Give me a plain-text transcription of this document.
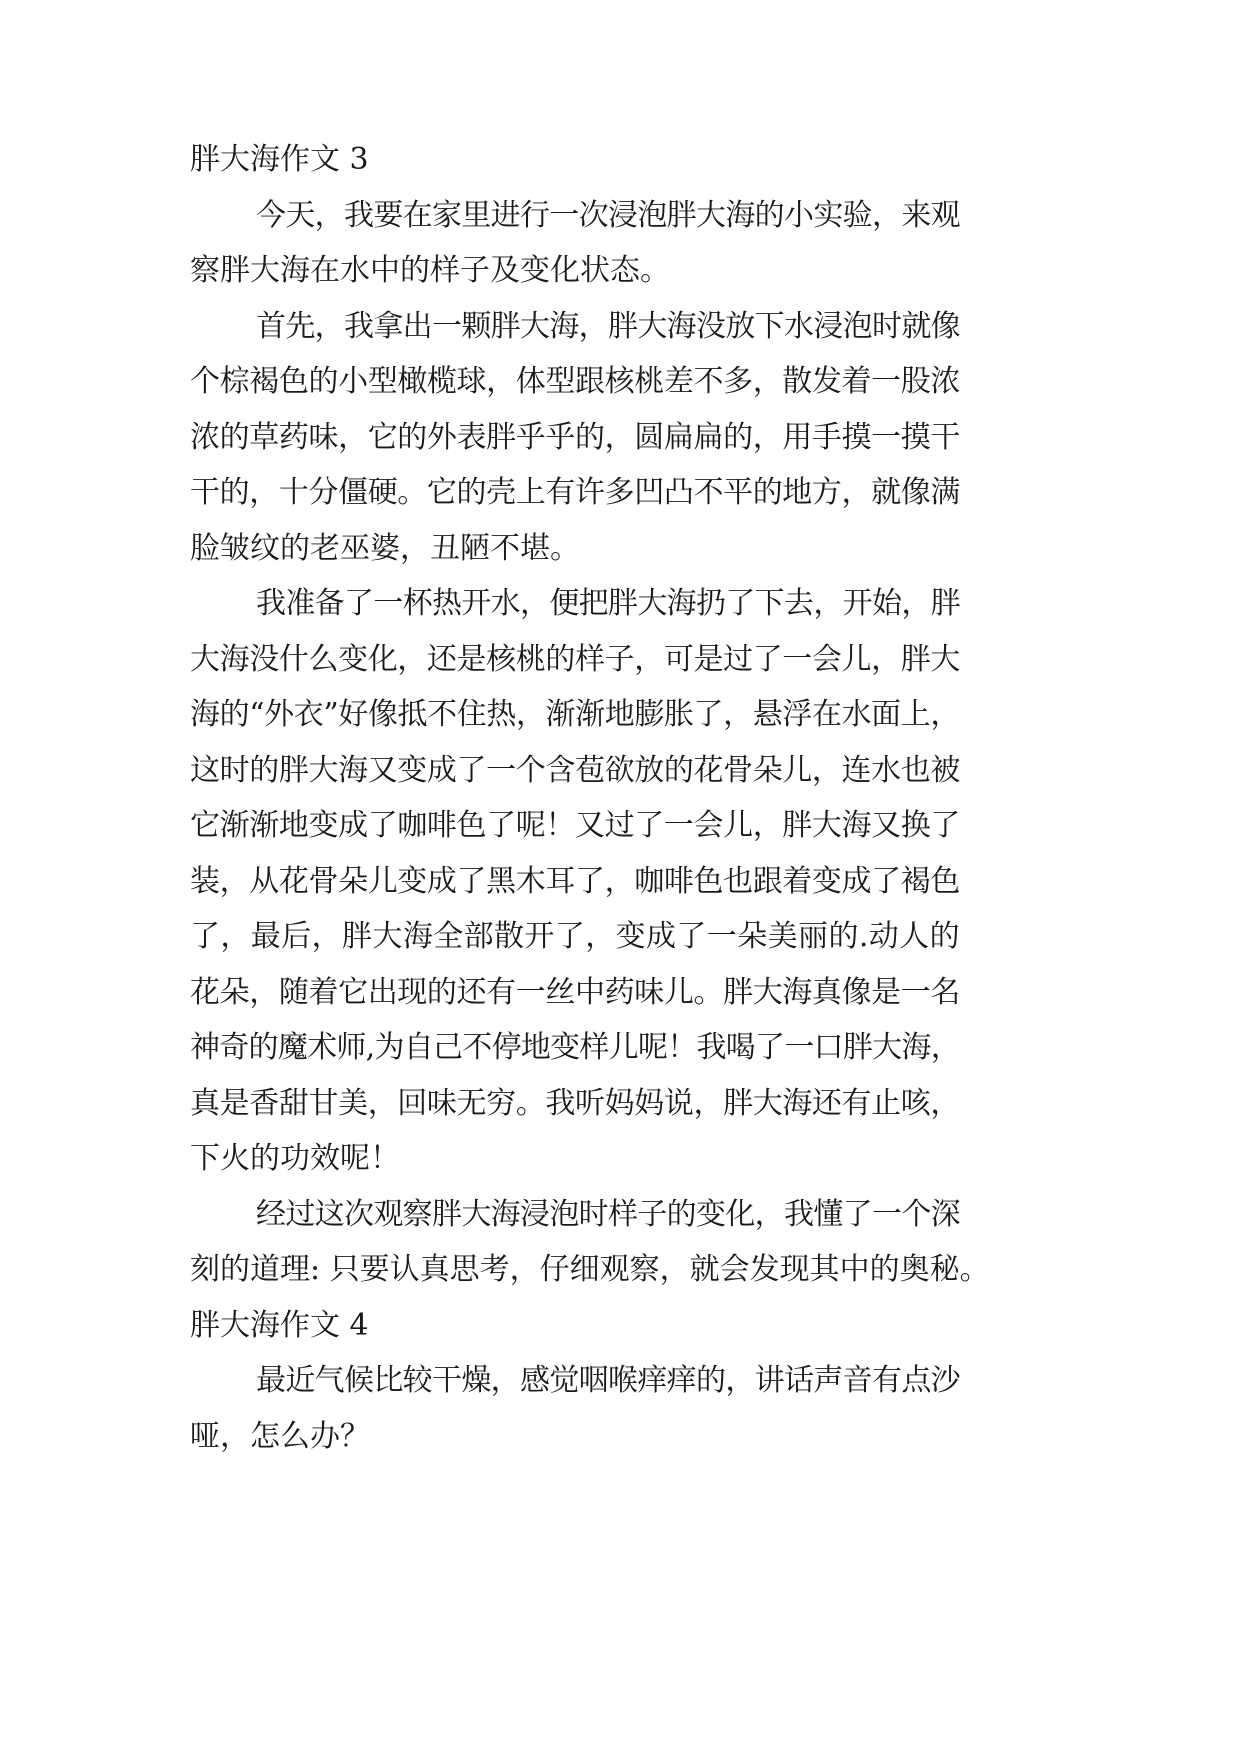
胖大海作文 3
今天，我要在家里进行一次浸泡胖大海的小实验，来观
察胖大海在水中的样子及变化状态。
首先，我拿出一颗胖大海，胖大海没放下水浸泡时就像
个棕褐色的小型橄榄球，体型跟核桃差不多，散发着一股浓
浓的草药味，它的外表胖乎乎的，圆扁扁的，用手摸一摸干
干的，十分僵硬。它的壳上有许多凹凸不平的地方，就像满
脸皱纹的老巫婆，丑陋不堪。
我准备了一杯热开水，便把胖大海扔了下去，开始，胖
大海没什么变化，还是核桃的样子，可是过了一会儿，胖大
海的“外衣”好像抵不住热，渐渐地膨胀了，悬浮在水面上，
这时的胖大海又变成了一个含苞欲放的花骨朵儿，连水也被
它渐渐地变成了咖啡色了呢！又过了一会儿，胖大海又换了
装，从花骨朵儿变成了黑木耳了，咖啡色也跟着变成了褐色
了，最后，胖大海全部散开了，变成了一朵美丽的.动人的
花朵，随着它出现的还有一丝中药味儿。胖大海真像是一名
神奇的魔术师,为自己不停地变样儿呢！我喝了一口胖大海，
真是香甜甘美，回味无穷。我听妈妈说，胖大海还有止咳，
下火的功效呢！
经过这次观察胖大海浸泡时样子的变化，我懂了一个深
刻的道理: 只要认真思考，仔细观察，就会发现其中的奥秘。
胖大海作文 4
最近气候比较干燥，感觉咽喉痒痒的，讲话声音有点沙
哑，怎么办？
